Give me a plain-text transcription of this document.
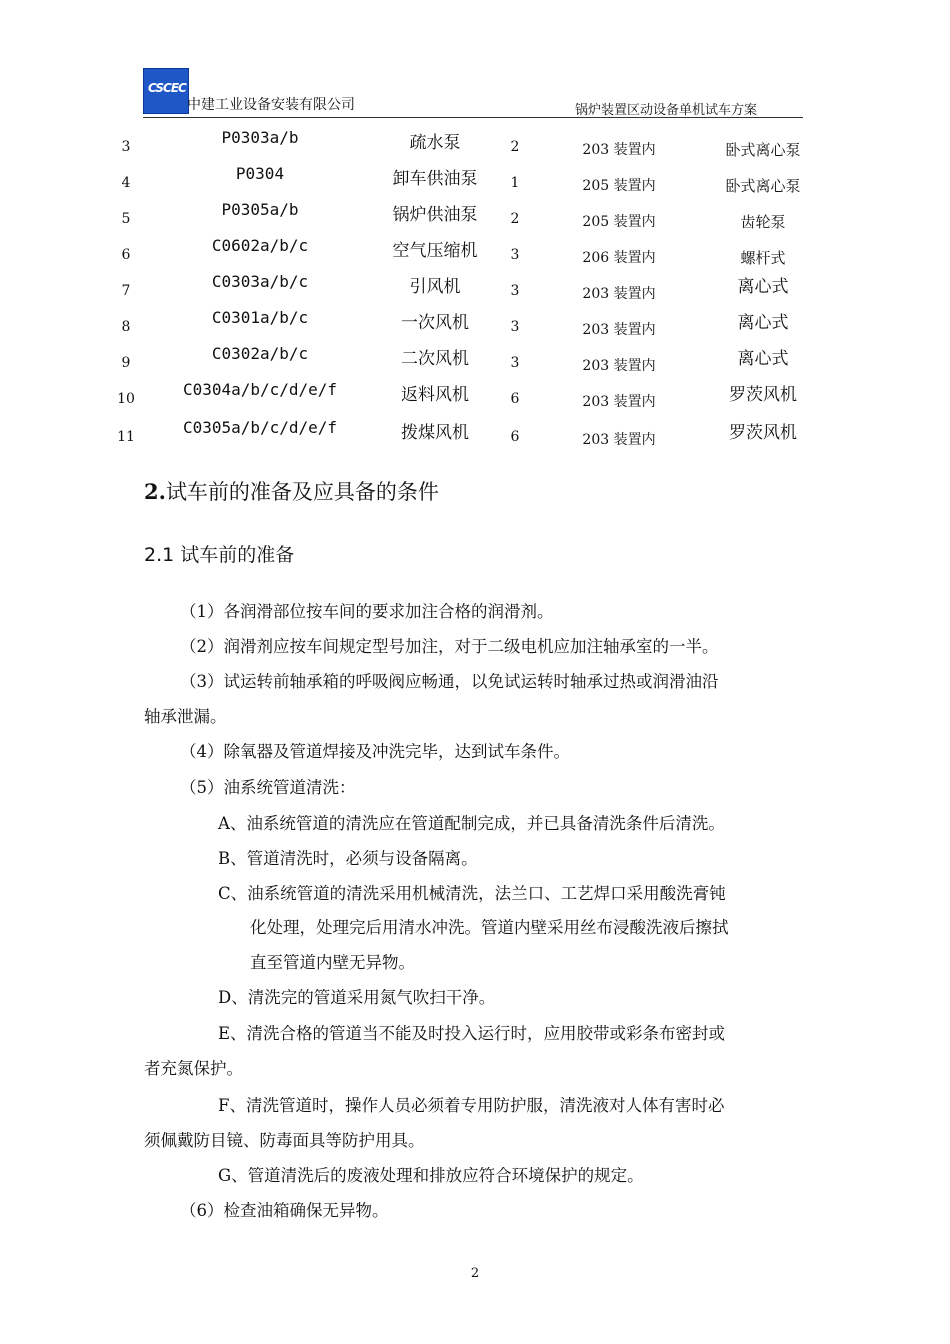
CSCEC
中建工业设备安装有限公司	锅炉装置区动设备单机试车方案
3	P0303a/b	疏水泵	2	203 装置内	卧式离心泵
4	P0304	卸车供油泵	1	205 装置内	卧式离心泵
5	P0305a/b	锅炉供油泵	2	205 装置内	齿轮泵
6	C0602a/b/c	空气压缩机	3	206 装置内	螺杆式
7	C0303a/b/c	引风机	3	203 装置内	离心式
8	C0301a/b/c	一次风机	3	203 装置内	离心式
9	C0302a/b/c	二次风机	3	203 装置内	离心式
10	C0304a/b/c/d/e/f	返料风机	6	203 装置内	罗茨风机
11	C0305a/b/c/d/e/f	拨煤风机	6	203 装置内	罗茨风机
2.试车前的准备及应具备的条件
2.1 试车前的准备
（1）各润滑部位按车间的要求加注合格的润滑剂。
（2）润滑剂应按车间规定型号加注，对于二级电机应加注轴承室的一半。
（3）试运转前轴承箱的呼吸阀应畅通，以免试运转时轴承过热或润滑油沿
轴承泄漏。
（4）除氧器及管道焊接及冲洗完毕，达到试车条件。
（5）油系统管道清洗：
A、油系统管道的清洗应在管道配制完成，并已具备清洗条件后清洗。
B、管道清洗时，必须与设备隔离。
C、油系统管道的清洗采用机械清洗，法兰口、工艺焊口采用酸洗膏钝
化处理，处理完后用清水冲洗。管道内壁采用丝布浸酸洗液后擦拭
直至管道内壁无异物。
D、清洗完的管道采用氮气吹扫干净。
E、清洗合格的管道当不能及时投入运行时，应用胶带或彩条布密封或
者充氮保护。
F、清洗管道时，操作人员必须着专用防护服，清洗液对人体有害时必
须佩戴防目镜、防毒面具等防护用具。
G、管道清洗后的废液处理和排放应符合环境保护的规定。
（6）检查油箱确保无异物。
2
